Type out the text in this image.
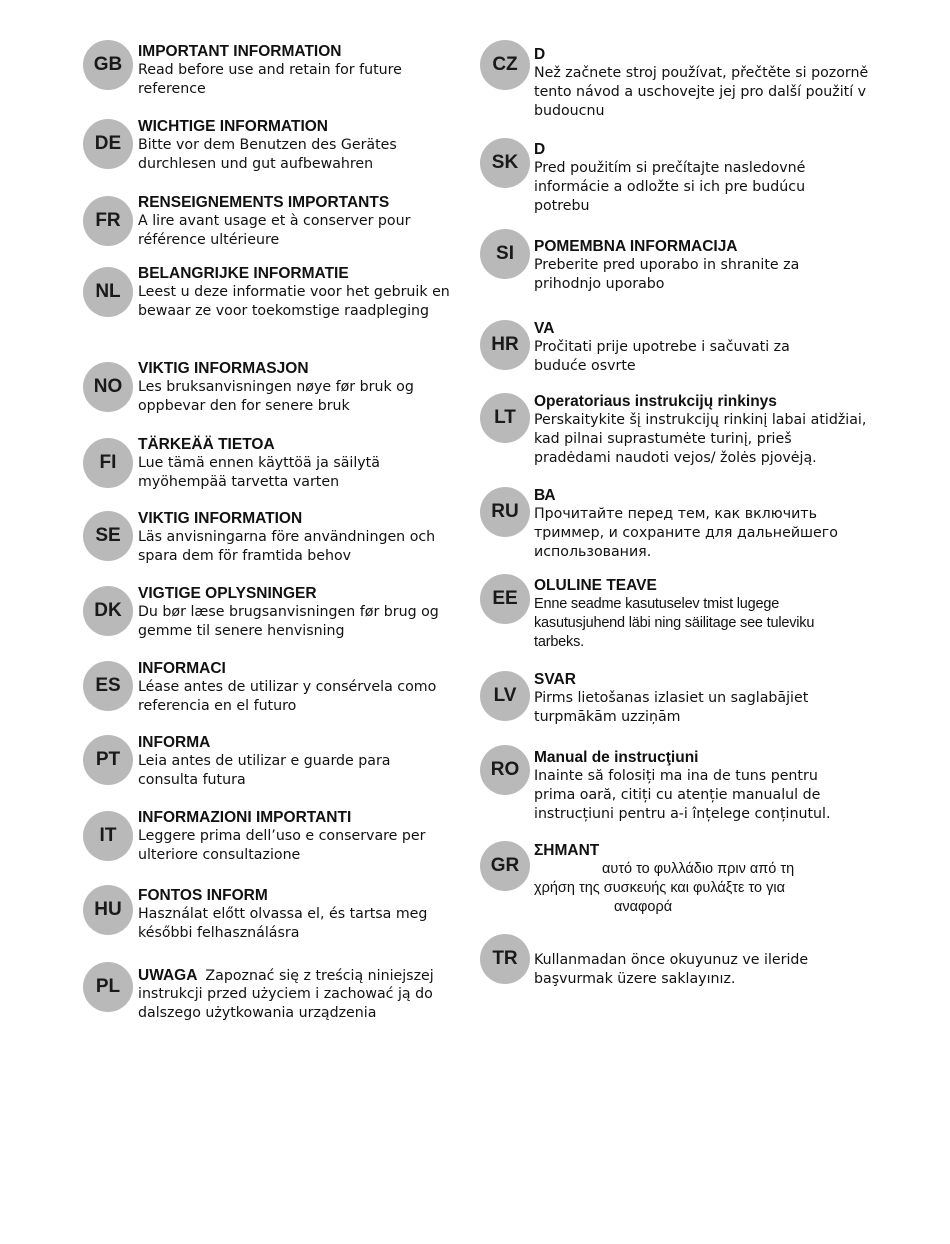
GB
IMPORTANT INFORMATION
Read before use and retain for future
reference
DE
WICHTIGE INFORMATION
Bitte vor dem Benutzen des Gerätes
durchlesen und gut aufbewahren
FR
RENSEIGNEMENTS IMPORTANTS
A lire avant usage et à conserver pour
référence ultérieure
NL
BELANGRIJKE INFORMATIE
Leest u deze informatie voor het gebruik en
bewaar ze voor toekomstige raadpleging
NO
VIKTIG INFORMASJON
Les bruksanvisningen nøye før bruk og
oppbevar den for senere bruk
FI
TÄRKEÄÄ TIETOA
Lue tämä ennen käyttöä ja säilytä
myöhempää tarvetta varten
SE
VIKTIG INFORMATION
Läs anvisningarna före användningen och
spara dem för framtida behov
DK
VIGTIGE OPLYSNINGER
Du bør læse brugsanvisningen før brug og
gemme til senere henvisning
ES
INFORMACI
Léase antes de utilizar y consérvela como
referencia en el futuro
PT
INFORMA
Leia antes de utilizar e guarde para
consulta futura
IT
INFORMAZIONI IMPORTANTI
Leggere prima dell’uso e conservare per
ulteriore consultazione
HU
FONTOS INFORM
Használat előtt olvassa el, és tartsa meg
későbbi felhasználásra
PL
UWAGA Zapoznać się z treścią niniejszej
instrukcji przed użyciem i zachować ją do
dalszego użytkowania urządzenia
CZ	D
Než začnete stroj používat, přečtěte si pozorně
tento návod a uschovejte jej pro další použití v
budoucnu
SK
D
Pred použitím si prečítajte nasledovné
informácie a odložte si ich pre budúcu
potrebu
SI	POMEMBNA INFORMACIJA
Preberite pred uporabo in shranite za
prihodnjo uporabo
HR
VA
Pročitati prije upotrebe i sačuvati za
buduće osvrte
LT
Operatoriaus instrukcijų rinkinys
Perskaitykite šį instrukcijų rinkinį labai atidžiai,
kad pilnai suprastumėte turinį, prieš
pradėdami naudoti vejos/ žolės pjovėją.
RU
ВА
Прочитайте перед тем, как включить
триммер, и сохраните для дальнейшего
использования.
EE
OLULINE TEAVE
Enne seadme kasutuselev tmist lugege
kasutusjuhend läbi ning säilitage see tuleviku
tarbeks.
LV
SVAR
Pirms lietošanas izlasiet un saglabājiet
turpmākām uzziņām
RO
Manual de instrucţiuni
Inainte să folosiți ma ina de tuns pentru
prima oară, citiți cu atenție manualul de
instrucțiuni pentru a-i înțelege conținutul.
GR
ΣΗΜΑΝΤ
αυτό το φυλλάδιο πριν από τη
χρήση της συσκευής και φυλάξτε το για
αναφορά
TR	Kullanmadan önce okuyunuz ve ileride
başvurmak üzere saklayınız.
